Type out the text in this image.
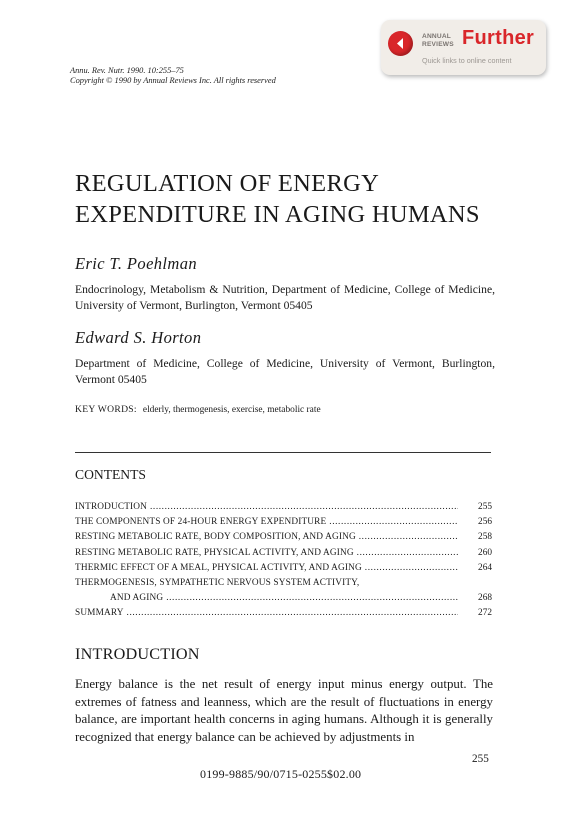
Annu. Rev. Nutr. 1990. 10:255–75
Copyright © 1990 by Annual Reviews Inc. All rights reserved
ANNUAL
REVIEWS Further
Quick links to online content
REGULATION OF ENERGY
EXPENDITURE IN AGING HUMANS
Eric T. Poehlman
Endocrinology, Metabolism & Nutrition, Department of Medicine, College of Medicine, University of Vermont, Burlington, Vermont 05405
Edward S. Horton
Department of Medicine, College of Medicine, University of Vermont, Burlington, Vermont 05405
KEY WORDS: elderly, thermogenesis, exercise, metabolic rate
CONTENTS
INTRODUCTION .....	255
THE COMPONENTS OF 24-HOUR ENERGY EXPENDITURE .....	256
RESTING METABOLIC RATE, BODY COMPOSITION, AND AGING .....	258
RESTING METABOLIC RATE, PHYSICAL ACTIVITY, AND AGING .....	260
THERMIC EFFECT OF A MEAL, PHYSICAL ACTIVITY, AND AGING .....	264
THERMOGENESIS, SYMPATHETIC NERVOUS SYSTEM ACTIVITY,
AND AGING .....	268
SUMMARY .....	272
INTRODUCTION
Energy balance is the net result of energy input minus energy output. The extremes of fatness and leanness, which are the result of fluctuations in energy balance, are important health concerns in aging humans. Although it is generally recognized that energy balance can be achieved by adjustments in
255
0199-9885/90/0715-0255$02.00
